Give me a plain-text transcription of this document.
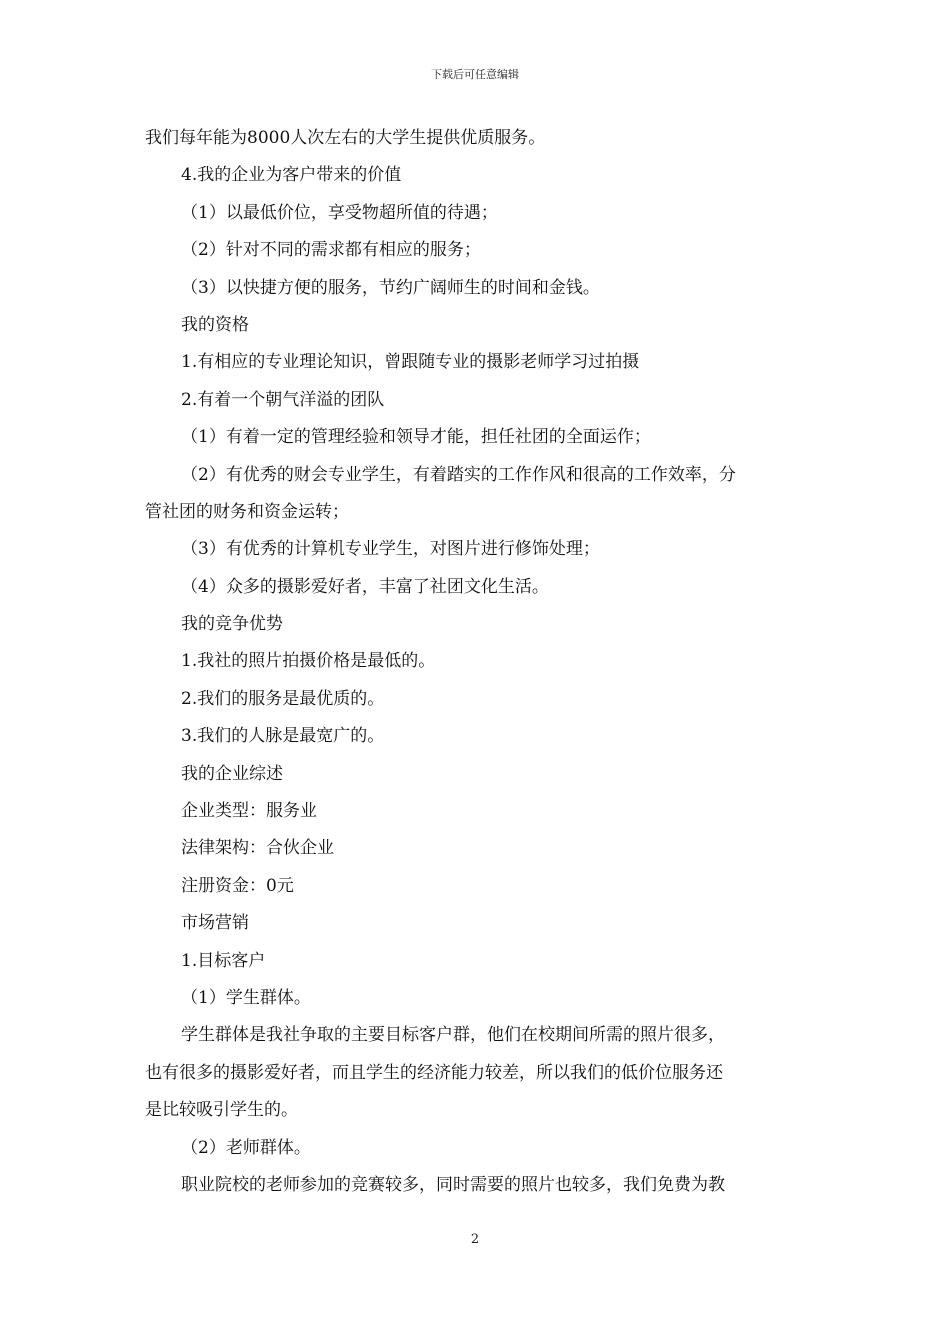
下载后可任意编辑
我们每年能为8000人次左右的大学生提供优质服务。
4.我的企业为客户带来的价值
（1）以最低价位，享受物超所值的待遇；
（2）针对不同的需求都有相应的服务；
（3）以快捷方便的服务，节约广阔师生的时间和金钱。
我的资格
1.有相应的专业理论知识，曾跟随专业的摄影老师学习过拍摄
2.有着一个朝气洋溢的团队
（1）有着一定的管理经验和领导才能，担任社团的全面运作；
（2）有优秀的财会专业学生，有着踏实的工作作风和很高的工作效率，分
管社团的财务和资金运转；
（3）有优秀的计算机专业学生，对图片进行修饰处理；
（4）众多的摄影爱好者，丰富了社团文化生活。
我的竞争优势
1.我社的照片拍摄价格是最低的。
2.我们的服务是最优质的。
3.我们的人脉是最宽广的。
我的企业综述
企业类型：服务业
法律架构：合伙企业
注册资金：0元
市场营销
1.目标客户
（1）学生群体。
学生群体是我社争取的主要目标客户群，他们在校期间所需的照片很多，
也有很多的摄影爱好者，而且学生的经济能力较差，所以我们的低价位服务还
是比较吸引学生的。
（2）老师群体。
职业院校的老师参加的竞赛较多，同时需要的照片也较多，我们免费为教
2
